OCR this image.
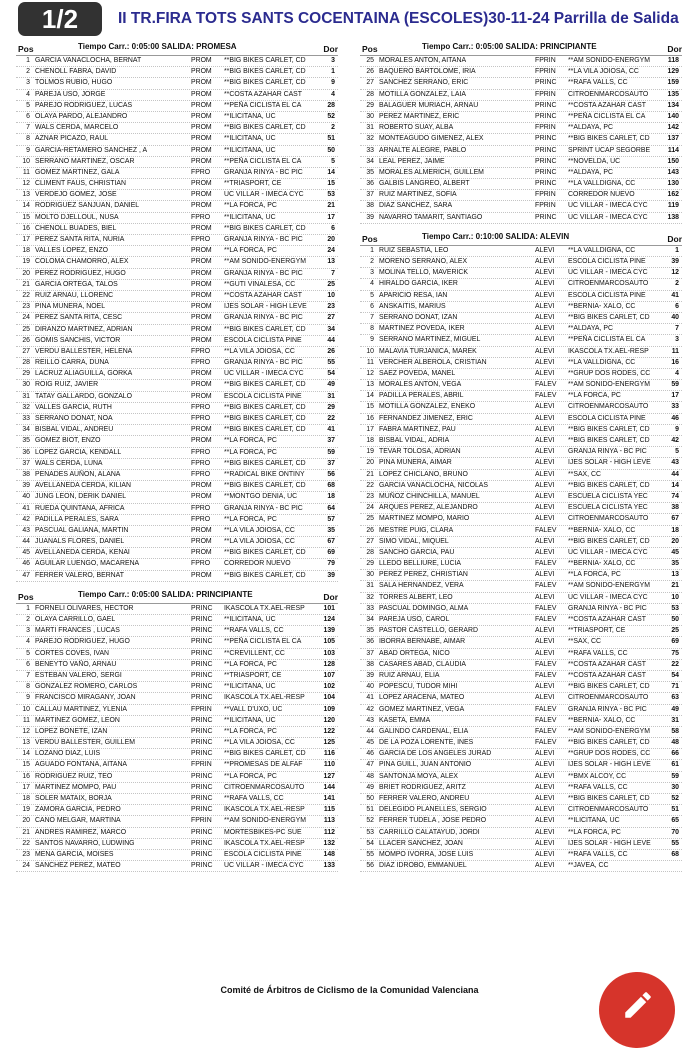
1/2	II TR.FIRA TOTS SANTS COCENTAINA (ESCOLES)30-11-24 Parrilla de Salida
Pos	Tiempo Carr.: 0:05:00 SALIDA: PROMESA	Dor
1 GARCIA VANACLOCHA, BERNAT	PROM	**BIG BIKES CARLET, CD	3
2 CHENOLL FABRA, DAVID	PROM	**BIG BIKES CARLET, CD	1
3 TOLMOS RUBIO, HUGO	PROM	**BIG BIKES CARLET, CD	9
4 PAREJA USO, JORGE	PROM	**COSTA AZAHAR CAST	4
5 PAREJO RODRIGUEZ, LUCAS	PROM	**PEÑA CICLISTA EL CA	28
6 OLAYA PARDO, ALEJANDRO	PROM	**ILICITANA, UC	52
7 WALS CERDA, MARCELO	PROM	**BIG BIKES CARLET, CD	2
8 AZNAR PICAZO, RAUL	PROM	**ILICITANA, UC	51
9 GARCIA-RETAMERO SANCHEZ , A	PROM	**ILICITANA, UC	50
10 SERRANO MARTINEZ, OSCAR	PROM	**PEÑA CICLISTA EL CA	5
11 GOMEZ MARTINEZ, GALA	FPRO	GRANJA RINYA - BC PIC	14
12 CLIMENT FAUS, CHRISTIAN	PROM	**TRIASPORT, CE	15
13 VERDEJO GOMEZ, JOSE	PROM	UC VILLAR - IMECA CYC	53
14 RODRIGUEZ SANJUAN, DANIEL	PROM	**LA FORCA, PC	21
15 MOLTO DJELLOUL, NUSA	FPRO	**ILICITANA, UC	17
16 CHENOLL BUADES, BIEL	PROM	**BIG BIKES CARLET, CD	6
17 PEREZ SANTA RITA, NURIA	FPRO	GRANJA RINYA - BC PIC	20
18 VALLES LOPEZ, ENZO	PROM	**LA FORCA, PC	24
19 COLOMA CHAMORRO, ALEX	PROM	**AM SONIDO-ENERGYM	13
20 PEREZ RODRIGUEZ, HUGO	PROM	GRANJA RINYA - BC PIC	7
21 GARCIA ORTEGA, TALOS	PROM	**GUTI VINALESA, CC	25
22 RUIZ ARNAU, LLORENC	PROM	**COSTA AZAHAR CAST	10
23 PINA MUNERA, NOEL	PROM	IJES SOLAR - HIGH LEVE	23
24 PEREZ SANTA RITA, CESC	PROM	GRANJA RINYA - BC PIC	27
25 DIRANZO MARTINEZ, ADRIAN	PROM	**BIG BIKES CARLET, CD	34
26 GOMIS SANCHIS, VICTOR	PROM	ESCOLA CICLISTA PINE	44
27 VERDU BALLESTER, HELENA	FPRO	**LA VILA JOIOSA, CC	26
28 REILLO CARRA, DUNA	FPRO	GRANJA RINYA - BC PIC	55
29 LACRUZ ALIAGUILLA, GORKA	PROM	UC VILLAR - IMECA CYC	54
30 ROIG RUIZ, JAVIER	PROM	**BIG BIKES CARLET, CD	49
31 TATAY GALLARDO, GONZALO	PROM	ESCOLA CICLISTA PINE	31
32 VALLES GARCIA, RUTH	FPRO	**BIG BIKES CARLET, CD	29
33 SERRANO DONAT, NOA	FPRO	**BIG BIKES CARLET, CD	22
34 BISBAL VIDAL, ANDREU	PROM	**BIG BIKES CARLET, CD	41
35 GOMEZ BIOT, ENZO	PROM	**LA FORCA, PC	37
36 LOPEZ GARCIA, KENDALL	FPRO	**LA FORCA, PC	59
37 WALS CERDA, LUNA	FPRO	**BIG BIKES CARLET, CD	37
38 PENADES AUÑON, ALANA	FPRO	**RADICAL BIKE ONTINY	56
39 AVELLANEDA CERDA, KILIAN	PROM	**BIG BIKES CARLET, CD	68
40 JUNG LEON, DERIK DANIEL	PROM	**MONTGO DENIA, UC	18
41 RUEDA QUINTANA, AFRICA	FPRO	GRANJA RINYA - BC PIC	64
42 PADILLA PERALES, SARA	FPRO	**LA FORCA, PC	57
43 PASCUAL GALIANA, MARTIN	PROM	**LA VILA JOIOSA, CC	35
44 JUANALS FLORES, DANIEL	PROM	**LA VILA JOIOSA, CC	67
45 AVELLANEDA CERDA, KENAI	PROM	**BIG BIKES CARLET, CD	69
46 AGUILAR LUENGO, MACARENA	FPRO	CORREDOR NUEVO	79
47 FERRER VALERO, BERNAT	PROM	**BIG BIKES CARLET, CD	39
Pos	Tiempo Carr.: 0:05:00 SALIDA: PRINCIPIANTE	Dor
1 FORNELI OLIVARES, HECTOR	PRINC	IKASCOLA TX.AEL-RESP	101
2 OLAYA CARRILLO, GAEL	PRINC	**ILICITANA, UC	124
3 MARTI FRANCES , LUCAS	PRINC	**RAFA VALLS, CC	139
4 PAREJO RODRIGUEZ, HUGO	PRINC	**PEÑA CICLISTA EL CA	105
5 CORTES COVES, IVAN	PRINC	**CREVILLENT, CC	103
6 BENEYTO VAÑO, ARNAU	PRINC	**LA FORCA, PC	128
7 ESTEBAN VALERO, SERGI	PRINC	**TRIASPORT, CE	107
8 GONZALEZ ROMERO, CARLOS	PRINC	**ILICITANA, UC	102
9 FRANCISCO MIRAGANY, JOAN	PRINC	IKASCOLA TX.AEL-RESP	104
10 CALLAU MARTINEZ, YLENIA	FPRIN	**VALL D'UXO, UC	109
11 MARTINEZ GOMEZ, LEON	PRINC	**ILICITANA, UC	120
12 LOPEZ BONETE, IZAN	PRINC	**LA FORCA, PC	122
13 VERDU BALLESTER, GUILLEM	PRINC	**LA VILA JOIOSA, CC	125
14 LOZANO DIAZ, LUIS	PRINC	**BIG BIKES CARLET, CD	116
15 AGUADO FONTANA, AITANA	FPRIN	**PROMESAS DE ALFAF	110
16 RODRIGUEZ RUIZ, TEO	PRINC	**LA FORCA, PC	127
17 MARTINEZ MOMPO, PAU	PRINC	CITROENMARCOSAUTO	144
18 SOLER MATAIX, BORJA	PRINC	**RAFA VALLS, CC	141
19 ZAMORA GARCIA, PEDRO	PRINC	IKASCOLA TX.AEL-RESP	115
20 CANO MELGAR, MARTINA	FPRIN	**AM SONIDO-ENERGYM	113
21 ANDRES RAMIREZ, MARCO	PRINC	MORTESBIKES-PC SUE	112
22 SANTOS NAVARRO, LUDWING	PRINC	IKASCOLA TX.AEL-RESP	132
23 MENA GARCIA, MOISES	PRINC	ESCOLA CICLISTA PINE	148
24 SANCHEZ PEREZ, MATEO	PRINC	UC VILLAR - IMECA CYC	133
Pos	Tiempo Carr.: 0:05:00 SALIDA: PRINCIPIANTE	Dor
25 MORALES ANTON, AITANA	FPRIN	**AM SONIDO-ENERGYM	118
26 BAQUERO BARTOLOME, IRIA	FPRIN	**LA VILA JOIOSA, CC	129
27 SANCHEZ SERRANO, ERIC	PRINC	**RAFA VALLS, CC	159
28 MOTILLA GONZALEZ, LAIA	FPRIN	CITROENMARCOSAUTO	135
29 BALAGUER MURIACH, ARNAU	PRINC	**COSTA AZAHAR CAST	134
30 PEREZ MARTINEZ, ERIC	PRINC	**PEÑA CICLISTA EL CA	140
31 ROBERTO SUAY, ALBA	FPRIN	**ALDAYA, PC	142
32 MONTEAGUDO GIMENEZ, ALEX	PRINC	**BIG BIKES CARLET, CD	137
33 ARNALTE ALEGRE, PABLO	PRINC	SPRINT UCAP SEGORBE	114
34 LEAL PEREZ, JAIME	PRINC	**NOVELDA, UC	150
35 MORALES ALMERICH, GUILLEM	PRINC	**ALDAYA, PC	143
36 GALBIS LANGREO, ALBERT	PRINC	**LA VALLDIGNA, CC	130
37 RUIZ MARTINEZ, SOFIA	FPRIN	CORREDOR NUEVO	162
38 DIAZ SANCHEZ, SARA	FPRIN	UC VILLAR - IMECA CYC	119
39 NAVARRO TAMARIT, SANTIAGO	PRINC	UC VILLAR - IMECA CYC	138
Pos	Tiempo Carr.: 0:10:00 SALIDA: ALEVIN	Dor
1 RUIZ SEBASTIA, LEO	ALEVI	**LA VALLDIGNA, CC	1
2 MORENO SERRANO, ALEX	ALEVI	ESCOLA CICLISTA PINE	39
3 MOLINA TELLO, MAVERICK	ALEVI	UC VILLAR - IMECA CYC	12
4 HIRALDO GARCIA, IKER	ALEVI	CITROENMARCOSAUTO	2
5 APARICIO RESA, IAN	ALEVI	ESCOLA CICLISTA PINE	41
6 ANSKAITIS, MARIUS	ALEVI	**BERNIA- XALO, CC	6
7 SERRANO DONAT, IZAN	ALEVI	**BIG BIKES CARLET, CD	40
8 MARTINEZ POVEDA, IKER	ALEVI	**ALDAYA, PC	7
9 SERRANO MARTINEZ, MIGUEL	ALEVI	**PEÑA CICLISTA EL CA	3
10 MALAVIA TURJANICA, MAREK	ALEVI	IKASCOLA TX.AEL-RESP	11
11 VERCHER ALBEROLA, CRISTIAN	ALEVI	**LA VALLDIGNA, CC	16
12 SAEZ POVEDA, MANEL	ALEVI	**GRUP DOS RODES, CC	4
13 MORALES ANTON, VEGA	FALEV	**AM SONIDO-ENERGYM	59
14 PADILLA PERALES, ABRIL	FALEV	**LA FORCA, PC	17
15 MOTILLA GONZALEZ, ENEKO	ALEVI	CITROENMARCOSAUTO	33
16 FERNANDEZ JIMENEZ, ERIC	ALEVI	ESCOLA CICLISTA PINE	46
17 FABRA MARTINEZ, PAU	ALEVI	**BIG BIKES CARLET, CD	9
18 BISBAL VIDAL, ADRIA	ALEVI	**BIG BIKES CARLET, CD	42
19 TEVAR TOLOSA, ADRIAN	ALEVI	GRANJA RINYA - BC PIC	5
20 PINA MUNERA, AIMAR	ALEVI	IJES SOLAR - HIGH LEVE	43
21 LOPEZ CHICLANO, BRUNO	ALEVI	**SAX, CC	44
22 GARCIA VANACLOCHA, NICOLAS	ALEVI	**BIG BIKES CARLET, CD	14
23 MUÑOZ CHINCHILLA, MANUEL	ALEVI	ESCUELA CICLISTA YEC	74
24 ARQUES PEREZ, ALEJANDRO	ALEVI	ESCUELA CICLISTA YEC	38
25 MARTINEZ MOMPO, MARIO	ALEVI	CITROENMARCOSAUTO	67
26 MESTRE PUIG, CLARA	FALEV	**BERNIA- XALO, CC	18
27 SIMO VIDAL, MIQUEL	ALEVI	**BIG BIKES CARLET, CD	20
28 SANCHO GARCIA, PAU	ALEVI	UC VILLAR - IMECA CYC	45
29 LLEDO BELLIURE, LUCIA	FALEV	**BERNIA- XALO, CC	35
30 PEREZ PEREZ, CHRISTIAN	ALEVI	**LA FORCA, PC	13
31 SALA HERNANDEZ, VERA	FALEV	**AM SONIDO-ENERGYM	21
32 TORRES ALBERT, LEO	ALEVI	UC VILLAR - IMECA CYC	10
33 PASCUAL DOMINGO, ALMA	FALEV	GRANJA RINYA - BC PIC	53
34 PAREJA USO, CAROL	FALEV	**COSTA AZAHAR CAST	50
35 PASTOR CASTELLO, GERARD	ALEVI	**TRIASPORT, CE	25
36 IBORRA BERNABE, AIMAR	ALEVI	**SAX, CC	69
37 ABAD ORTEGA, NICO	ALEVI	**RAFA VALLS, CC	75
38 CASARES ABAD, CLAUDIA	FALEV	**COSTA AZAHAR CAST	22
39 RUIZ ARNAU, ELIA	FALEV	**COSTA AZAHAR CAST	54
40 POPESCU, TUDOR MIHI	ALEVI	**BIG BIKES CARLET, CD	71
41 LOPEZ ARACENA, MATEO	ALEVI	CITROENMARCOSAUTO	63
42 GOMEZ MARTINEZ, VEGA	FALEV	GRANJA RINYA - BC PIC	49
43 KASETA, EMMA	FALEV	**BERNIA- XALO, CC	31
44 GALINDO CARDENAL, ELIA	FALEV	**AM SONIDO-ENERGYM	58
45 DE LA POZA LORENTE, INES	FALEV	**BIG BIKES CARLET, CD	48
46 GARCIA DE LOS ANGELES JURAD	ALEVI	**GRUP DOS RODES, CC	66
47 PINA GUILL, JUAN ANTONIO	ALEVI	IJES SOLAR - HIGH LEVE	61
48 SANTONJA MOYA, ALEX	ALEVI	**BMX ALCOY, CC	59
49 BRIET RODRIGUEZ, ARITZ	ALEVI	**RAFA VALLS, CC	30
50 FERRER VALERO, ANDREU	ALEVI	**BIG BIKES CARLET, CD	52
51 DELEGIDO PLANELLES, SERGIO	ALEVI	CITROENMARCOSAUTO	51
52 FERRER TUDELA , JOSE PEDRO	ALEVI	**ILICITANA, UC	65
53 CARRILLO CALATAYUD, JORDI	ALEVI	**LA FORCA, PC	70
54 LLACER SANCHEZ, JOAN	ALEVI	IJES SOLAR - HIGH LEVE	55
55 MOMPO IVORRA, JOSE LUIS	ALEVI	**RAFA VALLS, CC	68
56 DIAZ IDROBO, EMMANUEL	ALEVI	**JAVEA, CC
Comité de Árbitros de Ciclismo de la Comunidad Valenciana
